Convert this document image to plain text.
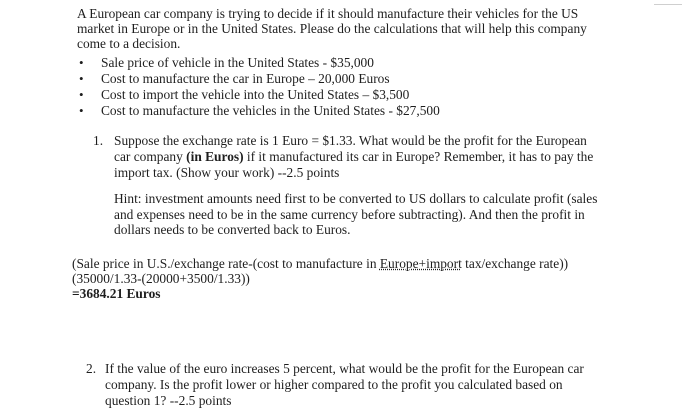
A European car company is trying to decide if it should manufacture their vehicles for the US
market in Europe or in the United States. Please do the calculations that will help this company
come to a decision.
• Sale price of vehicle in the United States - $35,000
• Cost to manufacture the car in Europe – 20,000 Euros
• Cost to import the vehicle into the United States – $3,500
• Cost to manufacture the vehicles in the United States - $27,500
1. Suppose the exchange rate is 1 Euro = $1.33. What would be the profit for the European
car company (in Euros) if it manufactured its car in Europe? Remember, it has to pay the
import tax. (Show your work) --2.5 points
Hint: investment amounts need first to be converted to US dollars to calculate profit (sales
and expenses need to be in the same currency before subtracting). And then the profit in
dollars needs to be converted back to Euros.
(Sale price in U.S./exchange rate-(cost to manufacture in Europe+import tax/exchange rate))
(35000/1.33-(20000+3500/1.33))
=3684.21 Euros
2. If the value of the euro increases 5 percent, what would be the profit for the European car
company. Is the profit lower or higher compared to the profit you calculated based on
question 1? --2.5 points
